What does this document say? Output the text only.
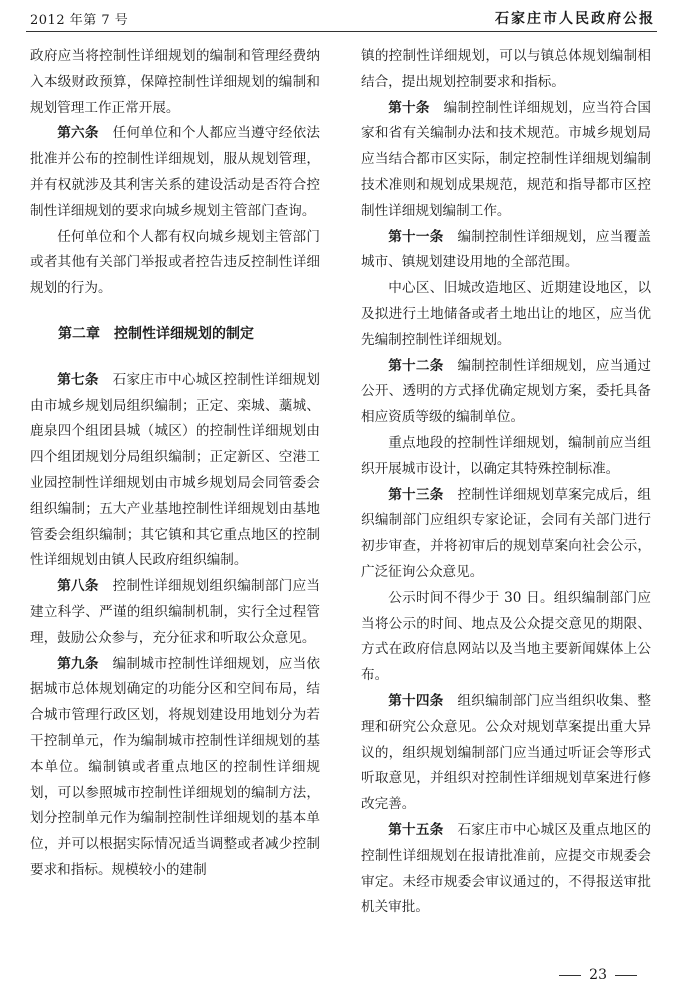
2012 年第 7 号	石家庄市人民政府公报

政府应当将控制性详细规划的编制和管理经费纳入本级财政预算，保障控制性详细规划的编制和规划管理工作正常开展。

第六条　 任何单位和个人都应当遵守经依法批准并公布的控制性详细规划，服从规划管理，并有权就涉及其利害关系的建设活动是否符合控制性详细规划的要求向城乡规划主管部门查询。

任何单位和个人都有权向城乡规划主管部门或者其他有关部门举报或者控告违反控制性详细规划的行为。

第二章　控制性详细规划的制定

第七条　 石家庄市中心城区控制性详细规划由市城乡规划局组织编制；正定、栾城、藁城、鹿泉四个组团县城（城区）的控制性详细规划由四个组团规划分局组织编制；正定新区、空港工业园控制性详细规划由市城乡规划局会同管委会组织编制；五大产业基地控制性详细规划由基地管委会组织编制；其它镇和其它重点地区的控制性详细规划由镇人民政府组织编制。

第八条　 控制性详细规划组织编制部门应当建立科学、严谨的组织编制机制，实行全过程管理，鼓励公众参与，充分征求和听取公众意见。

第九条　 编制城市控制性详细规划，应当依据城市总体规划确定的功能分区和空间布局，结合城市管理行政区划，将规划建设用地划分为若干控制单元，作为编制城市控制性详细规划的基本单位。编制镇或者重点地区的控制性详细规划，可以参照城市控制性详细规划的编制方法，划分控制单元作为编制控制性详细规划的基本单位，并可以根据实际情况适当调整或者减少控制要求和指标。规模较小的建制

镇的控制性详细规划，可以与镇总体规划编制相结合，提出规划控制要求和指标。

第十条　 编制控制性详细规划，应当符合国家和省有关编制办法和技术规范。市城乡规划局应当结合都市区实际，制定控制性详细规划编制技术准则和规划成果规范，规范和指导都市区控制性详细规划编制工作。

第十一条　 编制控制性详细规划，应当覆盖城市、镇规划建设用地的全部范围。

中心区、旧城改造地区、近期建设地区，以及拟进行土地储备或者土地出让的地区，应当优先编制控制性详细规划。

第十二条　 编制控制性详细规划，应当通过公开、透明的方式择优确定规划方案，委托具备相应资质等级的编制单位。

重点地段的控制性详细规划，编制前应当组织开展城市设计，以确定其特殊控制标准。

第十三条　 控制性详细规划草案完成后，组织编制部门应组织专家论证，会同有关部门进行初步审查，并将初审后的规划草案向社会公示，广泛征询公众意见。

公示时间不得少于 30 日。组织编制部门应当将公示的时间、地点及公众提交意见的期限、方式在政府信息网站以及当地主要新闻媒体上公布。

第十四条　 组织编制部门应当组织收集、整理和研究公众意见。公众对规划草案提出重大异议的，组织规划编制部门应当通过听证会等形式听取意见，并组织对控制性详细规划草案进行修改完善。

第十五条　 石家庄市中心城区及重点地区的控制性详细规划在报请批准前，应提交市规委会审定。未经市规委会审议通过的，不得报送审批机关审批。

23
